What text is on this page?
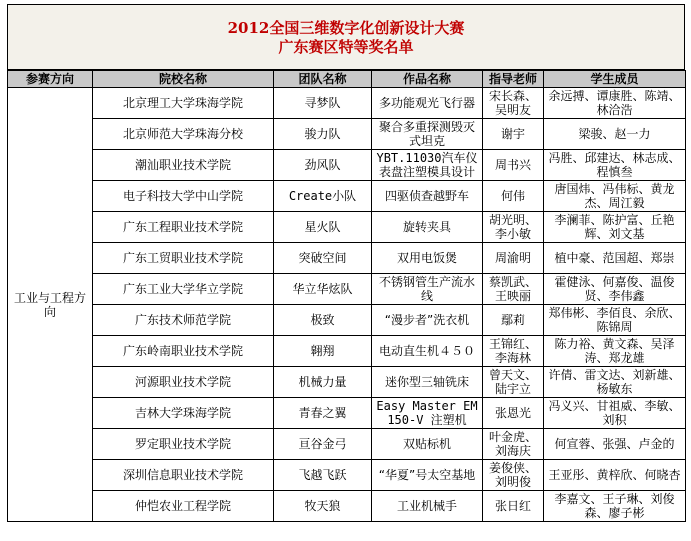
2012全国三维数字化创新设计大赛
广东赛区特等奖名单
参赛方向	院校名称	团队名称	作品名称	指导老师	学生成员
工业与工程方向	北京理工大学珠海学院	寻梦队	多功能观光飞行器	宋长森、吴明友	余远搏、谭康胜、陈靖、林洽浩
	北京师范大学珠海分校	骏力队	聚合多重探测毁灭式坦克	谢宇	梁骏、赵一力
	潮汕职业技术学院	劲风队	YBT.11030汽车仪表盘注塑模具设计	周书兴	冯胜、邱建达、林志成、程慎叁
	电子科技大学中山学院	Create小队	四驱侦查越野车	何伟	唐国炜、冯伟标、黄龙杰、周江毅
	广东工程职业技术学院	星火队	旋转夹具	胡光明、李小敏	李澜菲、陈护富、丘艳辉、刘文基
	广东工贸职业技术学院	突破空间	双用电饭煲	周渝明	植中豪、范国超、郑崇
	广东工业大学华立学院	华立华炫队	不锈钢管生产流水线	蔡凯武、王映丽	霍健泳、何嘉俊、温俊贤、李伟鑫
	广东技术师范学院	极致	“漫步者”洗衣机	鄢莉	郑伟彬、李佰良、余欣、陈锦周
	广东岭南职业技术学院	翱翔	电动直生机４５０	王锦红、李海林	陈力裕、黄文森、吴泽涛、郑龙雄
	河源职业技术学院	机械力量	迷你型三轴铣床	曾天文、陆宇立	许倩、雷文达、刘新雄、杨敏东
	吉林大学珠海学院	青春之翼	Easy Master EM150-V 注塑机	张恩光	冯义兴、甘祖威、李敏、刘积
	罗定职业技术学院	亘谷金弓	双贴标机	叶金虎、刘海庆	何宣蓉、张强、卢金的
	深圳信息职业技术学院	飞越飞跃	“华夏”号太空基地	姜俊侠、刘明俊	王亚彤、黄梓欣、何晓杏
	仲恺农业工程学院	牧天狼	工业机械手	张日红	李嘉文、王子琳、刘俊森、廖子彬
